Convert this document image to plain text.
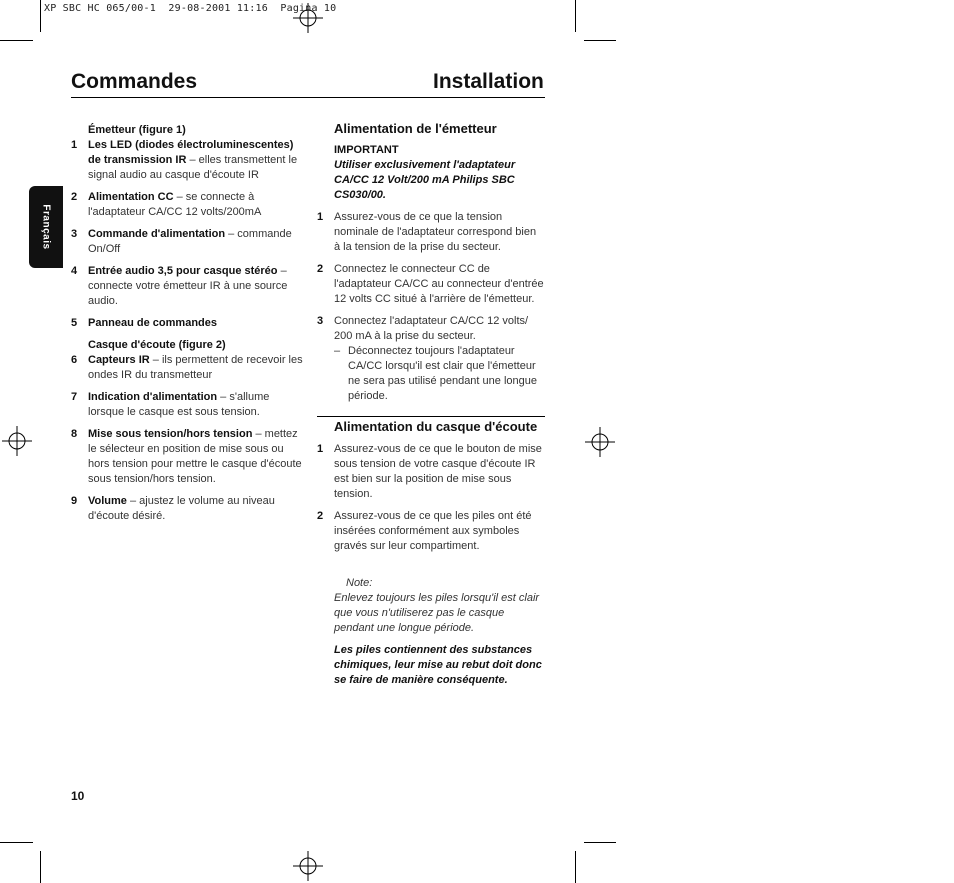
XP SBC HC 065/00-1  29-08-2001 11:16  Pagina 10
Commandes	Installation
Français
Émetteur (figure 1)
1 Les LED (diodes électroluminescentes) de transmission IR – elles transmettent le signal audio au casque d'écoute IR
2 Alimentation CC – se connecte à l'adaptateur CA/CC 12 volts/200mA
3 Commande d'alimentation – commande On/Off
4 Entrée audio 3,5 pour casque stéréo – connecte votre émetteur IR à une source audio.
5 Panneau de commandes
Casque d'écoute (figure 2)
6 Capteurs IR – ils permettent de recevoir les ondes IR du transmetteur
7 Indication d'alimentation – s'allume lorsque le casque est sous tension.
8 Mise sous tension/hors tension – mettez le sélecteur en position de mise sous ou hors tension pour mettre le casque d'écoute sous tension/hors tension.
9 Volume – ajustez le volume au niveau d'écoute désiré.
Alimentation de l'émetteur
IMPORTANT
Utiliser exclusivement l'adaptateur CA/CC 12 Volt/200 mA Philips SBC CS030/00.
1 Assurez-vous de ce que la tension nominale de l'adaptateur correspond bien à la tension de la prise du secteur.
2 Connectez le connecteur CC de l'adaptateur CA/CC au connecteur d'entrée 12 volts CC situé à l'arrière de l'émetteur.
3 Connectez l'adaptateur CA/CC 12 volts/ 200 mA à la prise du secteur.
– Déconnectez toujours l'adaptateur CA/CC lorsqu'il est clair que l'émetteur ne sera pas utilisé pendant une longue période.
Alimentation du casque d'écoute
1 Assurez-vous de ce que le bouton de mise sous tension de votre casque d'écoute IR est bien sur la position de mise sous tension.
2 Assurez-vous de ce que les piles ont été insérées conformément aux symboles gravés sur leur compartiment.
Note:
Enlevez toujours les piles lorsqu'il est clair que vous n'utiliserez pas le casque pendant une longue période.
Les piles contiennent des substances chimiques, leur mise au rebut doit donc se faire de manière conséquente.
10
